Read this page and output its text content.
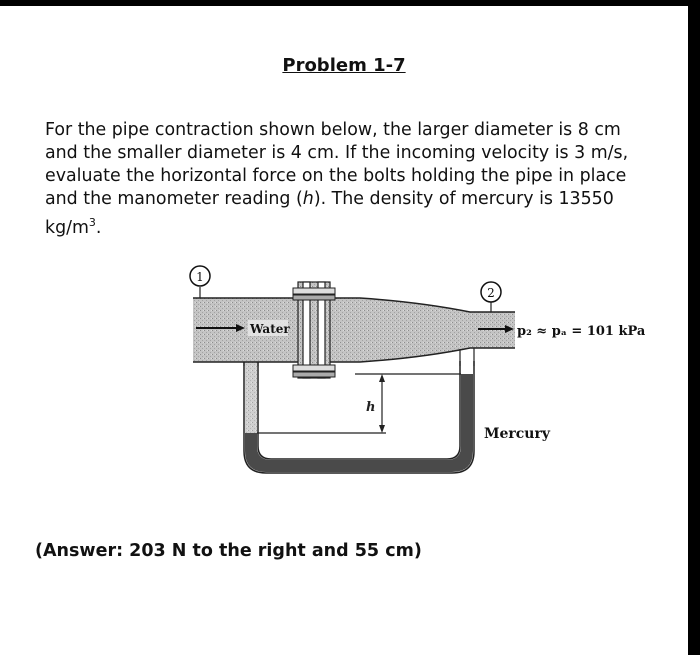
Problem 1-7

For the pipe contraction shown below, the larger diameter is 8 cm and the smaller diameter is 4 cm. If the incoming velocity is 3 m/s, evaluate the horizontal force on the bolts holding the pipe in place and the manometer reading (h). The density of mercury is 13550 $kg/m^3$.

h
Water
1
2
p₂ ≈ pₐ = 101 kPa
Mercury
(Answer: 203 N to the right and 55 cm)
